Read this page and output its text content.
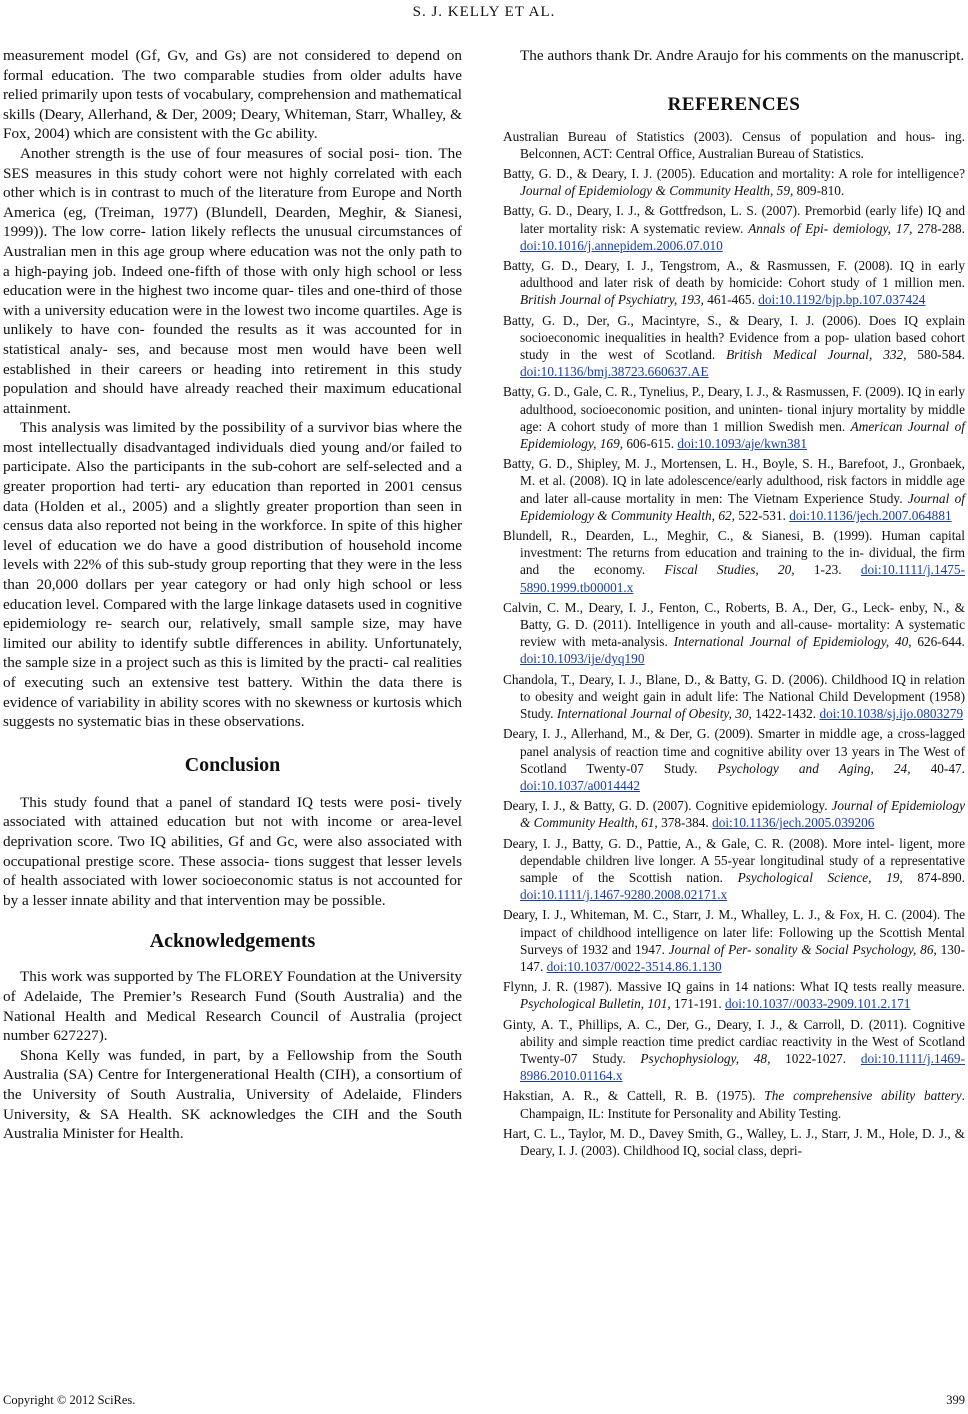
S. J. KELLY ET AL.

measurement model (Gf, Gv, and Gs) are not considered to depend on formal education. The two comparable studies from older adults have relied primarily upon tests of vocabulary, comprehension and mathematical skills (Deary, Allerhand, & Der, 2009; Deary, Whiteman, Starr, Whalley, & Fox, 2004) which are consistent with the Gc ability.

Another strength is the use of four measures of social posi- tion. The SES measures in this study cohort were not highly correlated with each other which is in contrast to much of the literature from Europe and North America (eg, (Treiman, 1977) (Blundell, Dearden, Meghir, & Sianesi, 1999)). The low corre- lation likely reflects the unusual circumstances of Australian men in this age group where education was not the only path to a high-paying job. Indeed one-fifth of those with only high school or less education were in the highest two income quar- tiles and one-third of those with a university education were in the lowest two income quartiles. Age is unlikely to have con- founded the results as it was accounted for in statistical analy- ses, and because most men would have been well established in their careers or heading into retirement in this study population and should have already reached their maximum educational attainment.

This analysis was limited by the possibility of a survivor bias where the most intellectually disadvantaged individuals died young and/or failed to participate. Also the participants in the sub-cohort are self-selected and a greater proportion had terti- ary education than reported in 2001 census data (Holden et al., 2005) and a slightly greater proportion than seen in census data also reported not being in the workforce. In spite of this higher level of education we do have a good distribution of household income levels with 22% of this sub-study group reporting that they were in the less than 20,000 dollars per year category or had only high school or less education level. Compared with the large linkage datasets used in cognitive epidemiology re- search our, relatively, small sample size, may have limited our ability to identify subtle differences in ability. Unfortunately, the sample size in a project such as this is limited by the practi- cal realities of executing such an extensive test battery. Within the data there is evidence of variability in ability scores with no skewness or kurtosis which suggests no systematic bias in these observations.

Conclusion

This study found that a panel of standard IQ tests were posi- tively associated with attained education but not with income or area-level deprivation score. Two IQ abilities, Gf and Gc, were also associated with occupational prestige score. These associa- tions suggest that lesser levels of health associated with lower socioeconomic status is not accounted for by a lesser innate ability and that intervention may be possible.

Acknowledgements

This work was supported by The FLOREY Foundation at the University of Adelaide, The Premier’s Research Fund (South Australia) and the National Health and Medical Research Council of Australia (project number 627227).

Shona Kelly was funded, in part, by a Fellowship from the South Australia (SA) Centre for Intergenerational Health (CIH), a consortium of the University of South Australia, University of Adelaide, Flinders University, & SA Health. SK acknowledges the CIH and the South Australia Minister for Health.

The authors thank Dr. Andre Araujo for his comments on the manuscript.

REFERENCES
Australian Bureau of Statistics (2003). Census of population and hous- ing. Belconnen, ACT: Central Office, Australian Bureau of Statistics.
Batty, G. D., & Deary, I. J. (2005). Education and mortality: A role for intelligence? Journal of Epidemiology & Community Health, 59, 809-810.
Batty, G. D., Deary, I. J., & Gottfredson, L. S. (2007). Premorbid (early life) IQ and later mortality risk: A systematic review. Annals of Epi- demiology, 17, 278-288. doi:10.1016/j.annepidem.2006.07.010
Batty, G. D., Deary, I. J., Tengstrom, A., & Rasmussen, F. (2008). IQ in early adulthood and later risk of death by homicide: Cohort study of 1 million men. British Journal of Psychiatry, 193, 461-465. doi:10.1192/bjp.bp.107.037424
Batty, G. D., Der, G., Macintyre, S., & Deary, I. J. (2006). Does IQ explain socioeconomic inequalities in health? Evidence from a pop- ulation based cohort study in the west of Scotland. British Medical Journal, 332, 580-584. doi:10.1136/bmj.38723.660637.AE
Batty, G. D., Gale, C. R., Tynelius, P., Deary, I. J., & Rasmussen, F. (2009). IQ in early adulthood, socioeconomic position, and uninten- tional injury mortality by middle age: A cohort study of more than 1 million Swedish men. American Journal of Epidemiology, 169, 606-615. doi:10.1093/aje/kwn381
Batty, G. D., Shipley, M. J., Mortensen, L. H., Boyle, S. H., Barefoot, J., Gronbaek, M. et al. (2008). IQ in late adolescence/early adulthood, risk factors in middle age and later all-cause mortality in men: The Vietnam Experience Study. Journal of Epidemiology & Community Health, 62, 522-531. doi:10.1136/jech.2007.064881
Blundell, R., Dearden, L., Meghir, C., & Sianesi, B. (1999). Human capital investment: The returns from education and training to the in- dividual, the firm and the economy. Fiscal Studies, 20, 1-23. doi:10.1111/j.1475-5890.1999.tb00001.x
Calvin, C. M., Deary, I. J., Fenton, C., Roberts, B. A., Der, G., Leck- enby, N., & Batty, G. D. (2011). Intelligence in youth and all-cause- mortality: A systematic review with meta-analysis. International Journal of Epidemiology, 40, 626-644. doi:10.1093/ije/dyq190
Chandola, T., Deary, I. J., Blane, D., & Batty, G. D. (2006). Childhood IQ in relation to obesity and weight gain in adult life: The National Child Development (1958) Study. International Journal of Obesity, 30, 1422-1432. doi:10.1038/sj.ijo.0803279
Deary, I. J., Allerhand, M., & Der, G. (2009). Smarter in middle age, a cross-lagged panel analysis of reaction time and cognitive ability over 13 years in The West of Scotland Twenty-07 Study. Psychology and Aging, 24, 40-47. doi:10.1037/a0014442
Deary, I. J., & Batty, G. D. (2007). Cognitive epidemiology. Journal of Epidemiology & Community Health, 61, 378-384. doi:10.1136/jech.2005.039206
Deary, I. J., Batty, G. D., Pattie, A., & Gale, C. R. (2008). More intel- ligent, more dependable children live longer. A 55-year longitudinal study of a representative sample of the Scottish nation. Psychological Science, 19, 874-890. doi:10.1111/j.1467-9280.2008.02171.x
Deary, I. J., Whiteman, M. C., Starr, J. M., Whalley, L. J., & Fox, H. C. (2004). The impact of childhood intelligence on later life: Following up the Scottish Mental Surveys of 1932 and 1947. Journal of Per- sonality & Social Psychology, 86, 130-147. doi:10.1037/0022-3514.86.1.130
Flynn, J. R. (1987). Massive IQ gains in 14 nations: What IQ tests really measure. Psychological Bulletin, 101, 171-191. doi:10.1037//0033-2909.101.2.171
Ginty, A. T., Phillips, A. C., Der, G., Deary, I. J., & Carroll, D. (2011). Cognitive ability and simple reaction time predict cardiac reactivity in the West of Scotland Twenty-07 Study. Psychophysiology, 48, 1022-1027. doi:10.1111/j.1469-8986.2010.01164.x
Hakstian, A. R., & Cattell, R. B. (1975). The comprehensive ability battery. Champaign, IL: Institute for Personality and Ability Testing.
Hart, C. L., Taylor, M. D., Davey Smith, G., Walley, L. J., Starr, J. M., Hole, D. J., & Deary, I. J. (2003). Childhood IQ, social class, depri-
Copyright © 2012 SciRes.	399
